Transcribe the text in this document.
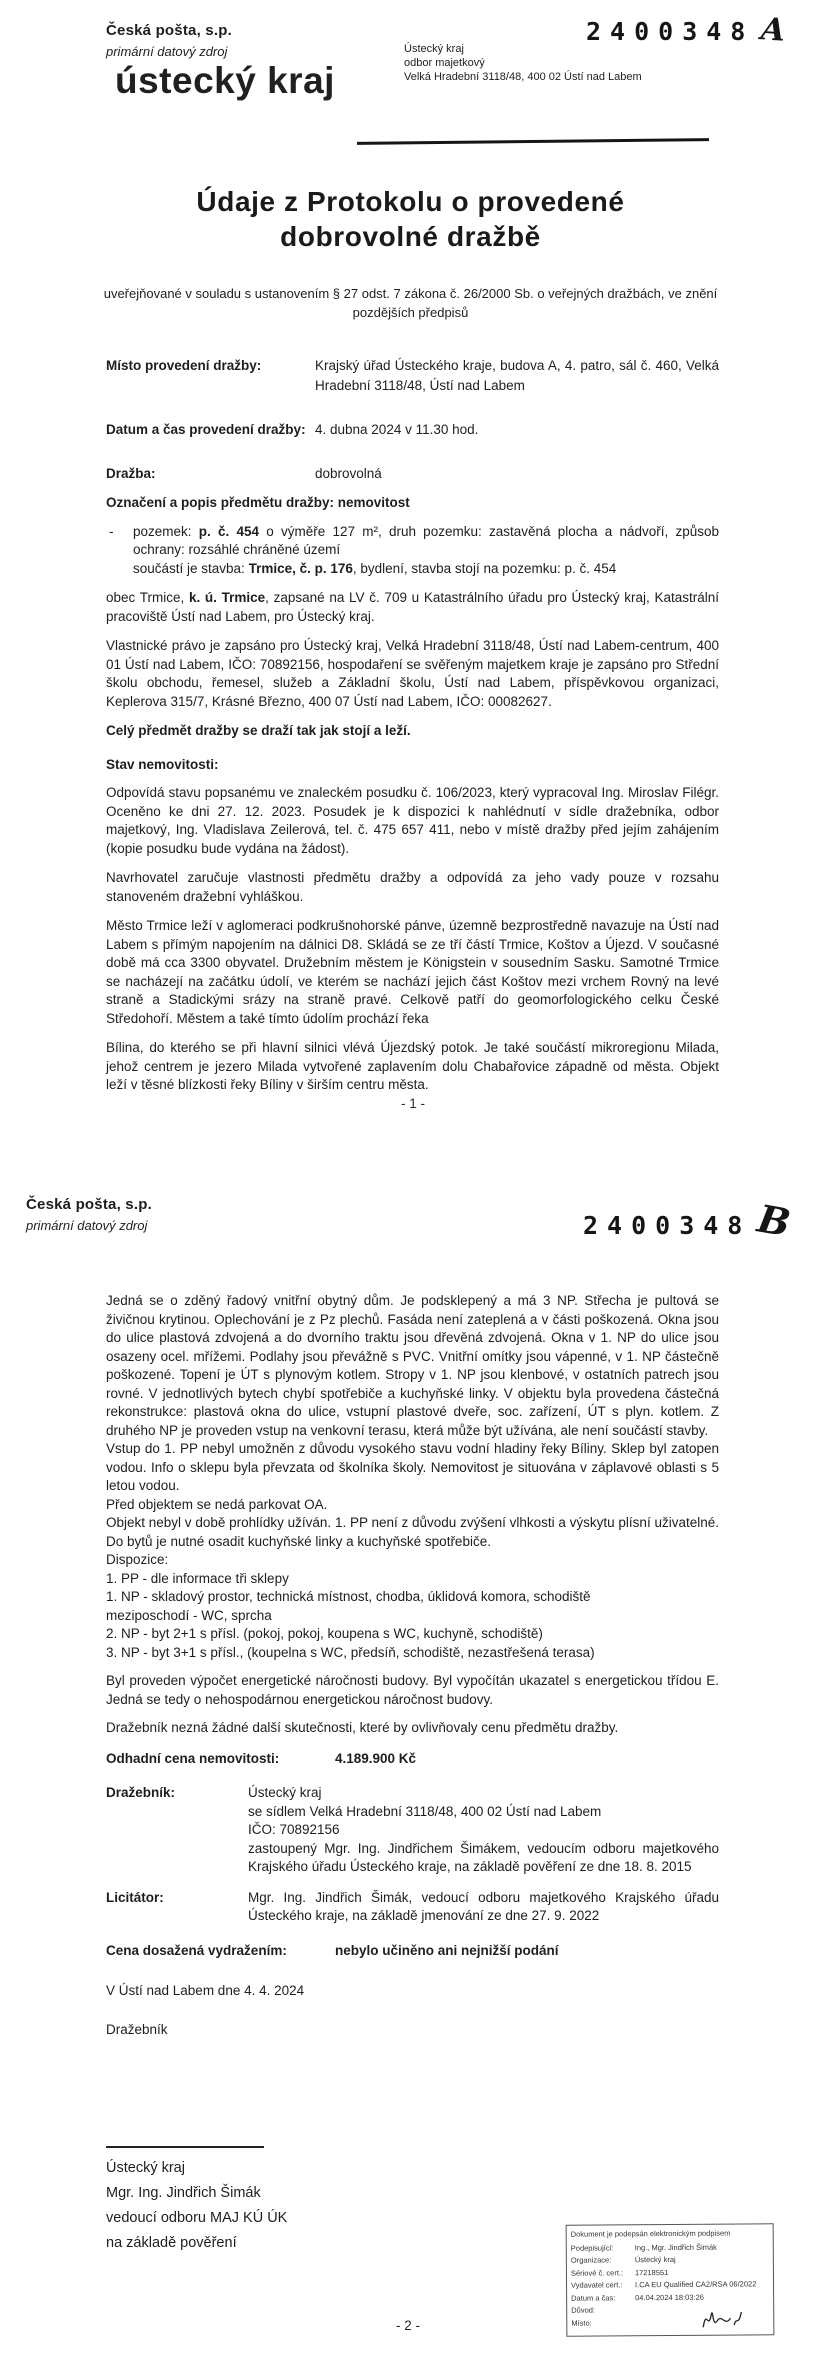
Česká pošta, s.p.
primární datový zdroj
2400348 A
ústecký kraj
Ústecký kraj
odbor majetkový
Velká Hradební 3118/48, 400 02 Ústí nad Labem
Údaje z Protokolu o provedené
dobrovolné dražbě
uveřejňované v souladu s ustanovením § 27 odst. 7 zákona č. 26/2000 Sb. o veřejných dražbách, ve znění pozdějších předpisů
Místo provedení dražby:	Krajský úřad Ústeckého kraje, budova A, 4. patro, sál č. 460, Velká Hradební 3118/48, Ústí nad Labem
Datum a čas provedení dražby: 4. dubna 2024 v 11.30 hod.
Dražba:	dobrovolná
Označení a popis předmětu dražby: nemovitost
-	pozemek: p. č. 454 o výměře 127 m², druh pozemku: zastavěná plocha a nádvoří, způsob ochrany: rozsáhlé chráněné území
součástí je stavba: Trmice, č. p. 176, bydlení, stavba stojí na pozemku: p. č. 454

obec Trmice, k. ú. Trmice, zapsané na LV č. 709 u Katastrálního úřadu pro Ústecký kraj, Katastrální pracoviště Ústí nad Labem, pro Ústecký kraj.

Vlastnické právo je zapsáno pro Ústecký kraj, Velká Hradební 3118/48, Ústí nad Labem-centrum, 400 01 Ústí nad Labem, IČO: 70892156, hospodaření se svěřeným majetkem kraje je zapsáno pro Střední školu obchodu, řemesel, služeb a Základní školu, Ústí nad Labem, příspěvkovou organizaci, Keplerova 315/7, Krásné Březno, 400 07 Ústí nad Labem, IČO: 00082627.

Celý předmět dražby se draží tak jak stojí a leží.

Stav nemovitosti:

Odpovídá stavu popsanému ve znaleckém posudku č. 106/2023, který vypracoval Ing. Miroslav Filégr. Oceněno ke dni 27. 12. 2023. Posudek je k dispozici k nahlédnutí v sídle dražebníka, odbor majetkový, Ing. Vladislava Zeilerová, tel. č. 475 657 411, nebo v místě dražby před jejím zahájením (kopie posudku bude vydána na žádost).

Navrhovatel zaručuje vlastnosti předmětu dražby a odpovídá za jeho vady pouze v rozsahu stanoveném dražební vyhláškou.

Město Trmice leží v aglomeraci podkrušnohorské pánve, územně bezprostředně navazuje na Ústí nad Labem s přímým napojením na dálnici D8. Skládá se ze tří částí Trmice, Koštov a Újezd. V současné době má cca 3300 obyvatel. Družebním městem je Königstein v sousedním Sasku. Samotné Trmice se nacházejí na začátku údolí, ve kterém se nachází jejich část Koštov mezi vrchem Rovný na levé straně a Stadickými srázy na straně pravé. Celkově patří do geomorfologického celku České Středohoří. Městem a také tímto údolím prochází řeka

Bílina, do kterého se při hlavní silnici vlévá Újezdský potok. Je také součástí mikroregionu Milada, jehož centrem je jezero Milada vytvořené zaplavením dolu Chabařovice západně od města. Objekt leží v těsné blízkosti řeky Bíliny v širším centru města.

- 1 -
Česká pošta, s.p.
primární datový zdroj	2400348 B

Jedná se o zděný řadový vnitřní obytný dům. Je podsklepený a má 3 NP. Střecha je pultová se živičnou krytinou. Oplechování je z Pz plechů. Fasáda není zateplená a v části poškozená. Okna jsou do ulice plastová zdvojená a do dvorního traktu jsou dřevěná zdvojená. Okna v 1. NP do ulice jsou osazeny ocel. mřížemi. Podlahy jsou převážně s PVC. Vnitřní omítky jsou vápenné, v 1. NP částečně poškozené. Topení je ÚT s plynovým kotlem. Stropy v 1. NP jsou klenbové, v ostatních patrech jsou rovné. V jednotlivých bytech chybí spotřebiče a kuchyňské linky. V objektu byla provedena částečná rekonstrukce: plastová okna do ulice, vstupní plastové dveře, soc. zařízení, ÚT s plyn. kotlem. Z druhého NP je proveden vstup na venkovní terasu, která může být užívána, ale není součástí stavby.

Vstup do 1. PP nebyl umožněn z důvodu vysokého stavu vodní hladiny řeky Bíliny. Sklep byl zatopen vodou. Info o sklepu byla převzata od školníka školy. Nemovitost je situována v záplavové oblasti s 5 letou vodou.

Před objektem se nedá parkovat OA.

Objekt nebyl v době prohlídky užíván. 1. PP není z důvodu zvýšení vlhkosti a výskytu plísní uživatelné. Do bytů je nutné osadit kuchyňské linky a kuchyňské spotřebiče.

Dispozice:
1. PP - dle informace tři sklepy
1. NP - skladový prostor, technická místnost, chodba, úklidová komora, schodiště
meziposchodí - WC, sprcha
2. NP - byt 2+1 s přísl. (pokoj, pokoj, koupena s WC, kuchyně, schodiště)
3. NP - byt 3+1 s přísl., (koupelna s WC, předsíň, schodiště, nezastřešená terasa)

Byl proveden výpočet energetické náročnosti budovy. Byl vypočítán ukazatel s energetickou třídou E. Jedná se tedy o nehospodárnou energetickou náročnost budovy.

Dražebník nezná žádné další skutečnosti, které by ovlivňovaly cenu předmětu dražby.

Odhadní cena nemovitosti:	4.189.900 Kč
Dražebník:	Ústecký kraj
se sídlem Velká Hradební 3118/48, 400 02 Ústí nad Labem
IČO: 70892156
zastoupený Mgr. Ing. Jindřichem Šimákem, vedoucím odboru majetkového Krajského úřadu Ústeckého kraje, na základě pověření ze dne 18. 8. 2015
Licitátor:	Mgr. Ing. Jindřich Šimák, vedoucí odboru majetkového Krajského úřadu Ústeckého kraje, na základě jmenování ze dne 27. 9. 2022
Cena dosažená vydražením:	nebylo učiněno ani nejnižší podání
V Ústí nad Labem dne 4. 4. 2024
Dražebník
Ústecký kraj
Mgr. Ing. Jindřich Šimák
vedoucí odboru MAJ KÚ ÚK
na základě pověření
Dokument je podepsán elektronickým podpisem
Podepisující:	Ing., Mgr. Jindřich Šimák
Organizace:	Ústecký kraj
Sériové č. cert.:	17218551
Vydavatel cert.:	I.CA EU Qualified CA2/RSA 06/2022
Datum a čas:	04.04.2024 18:03:26
Důvod:
Místo:
- 2 -
